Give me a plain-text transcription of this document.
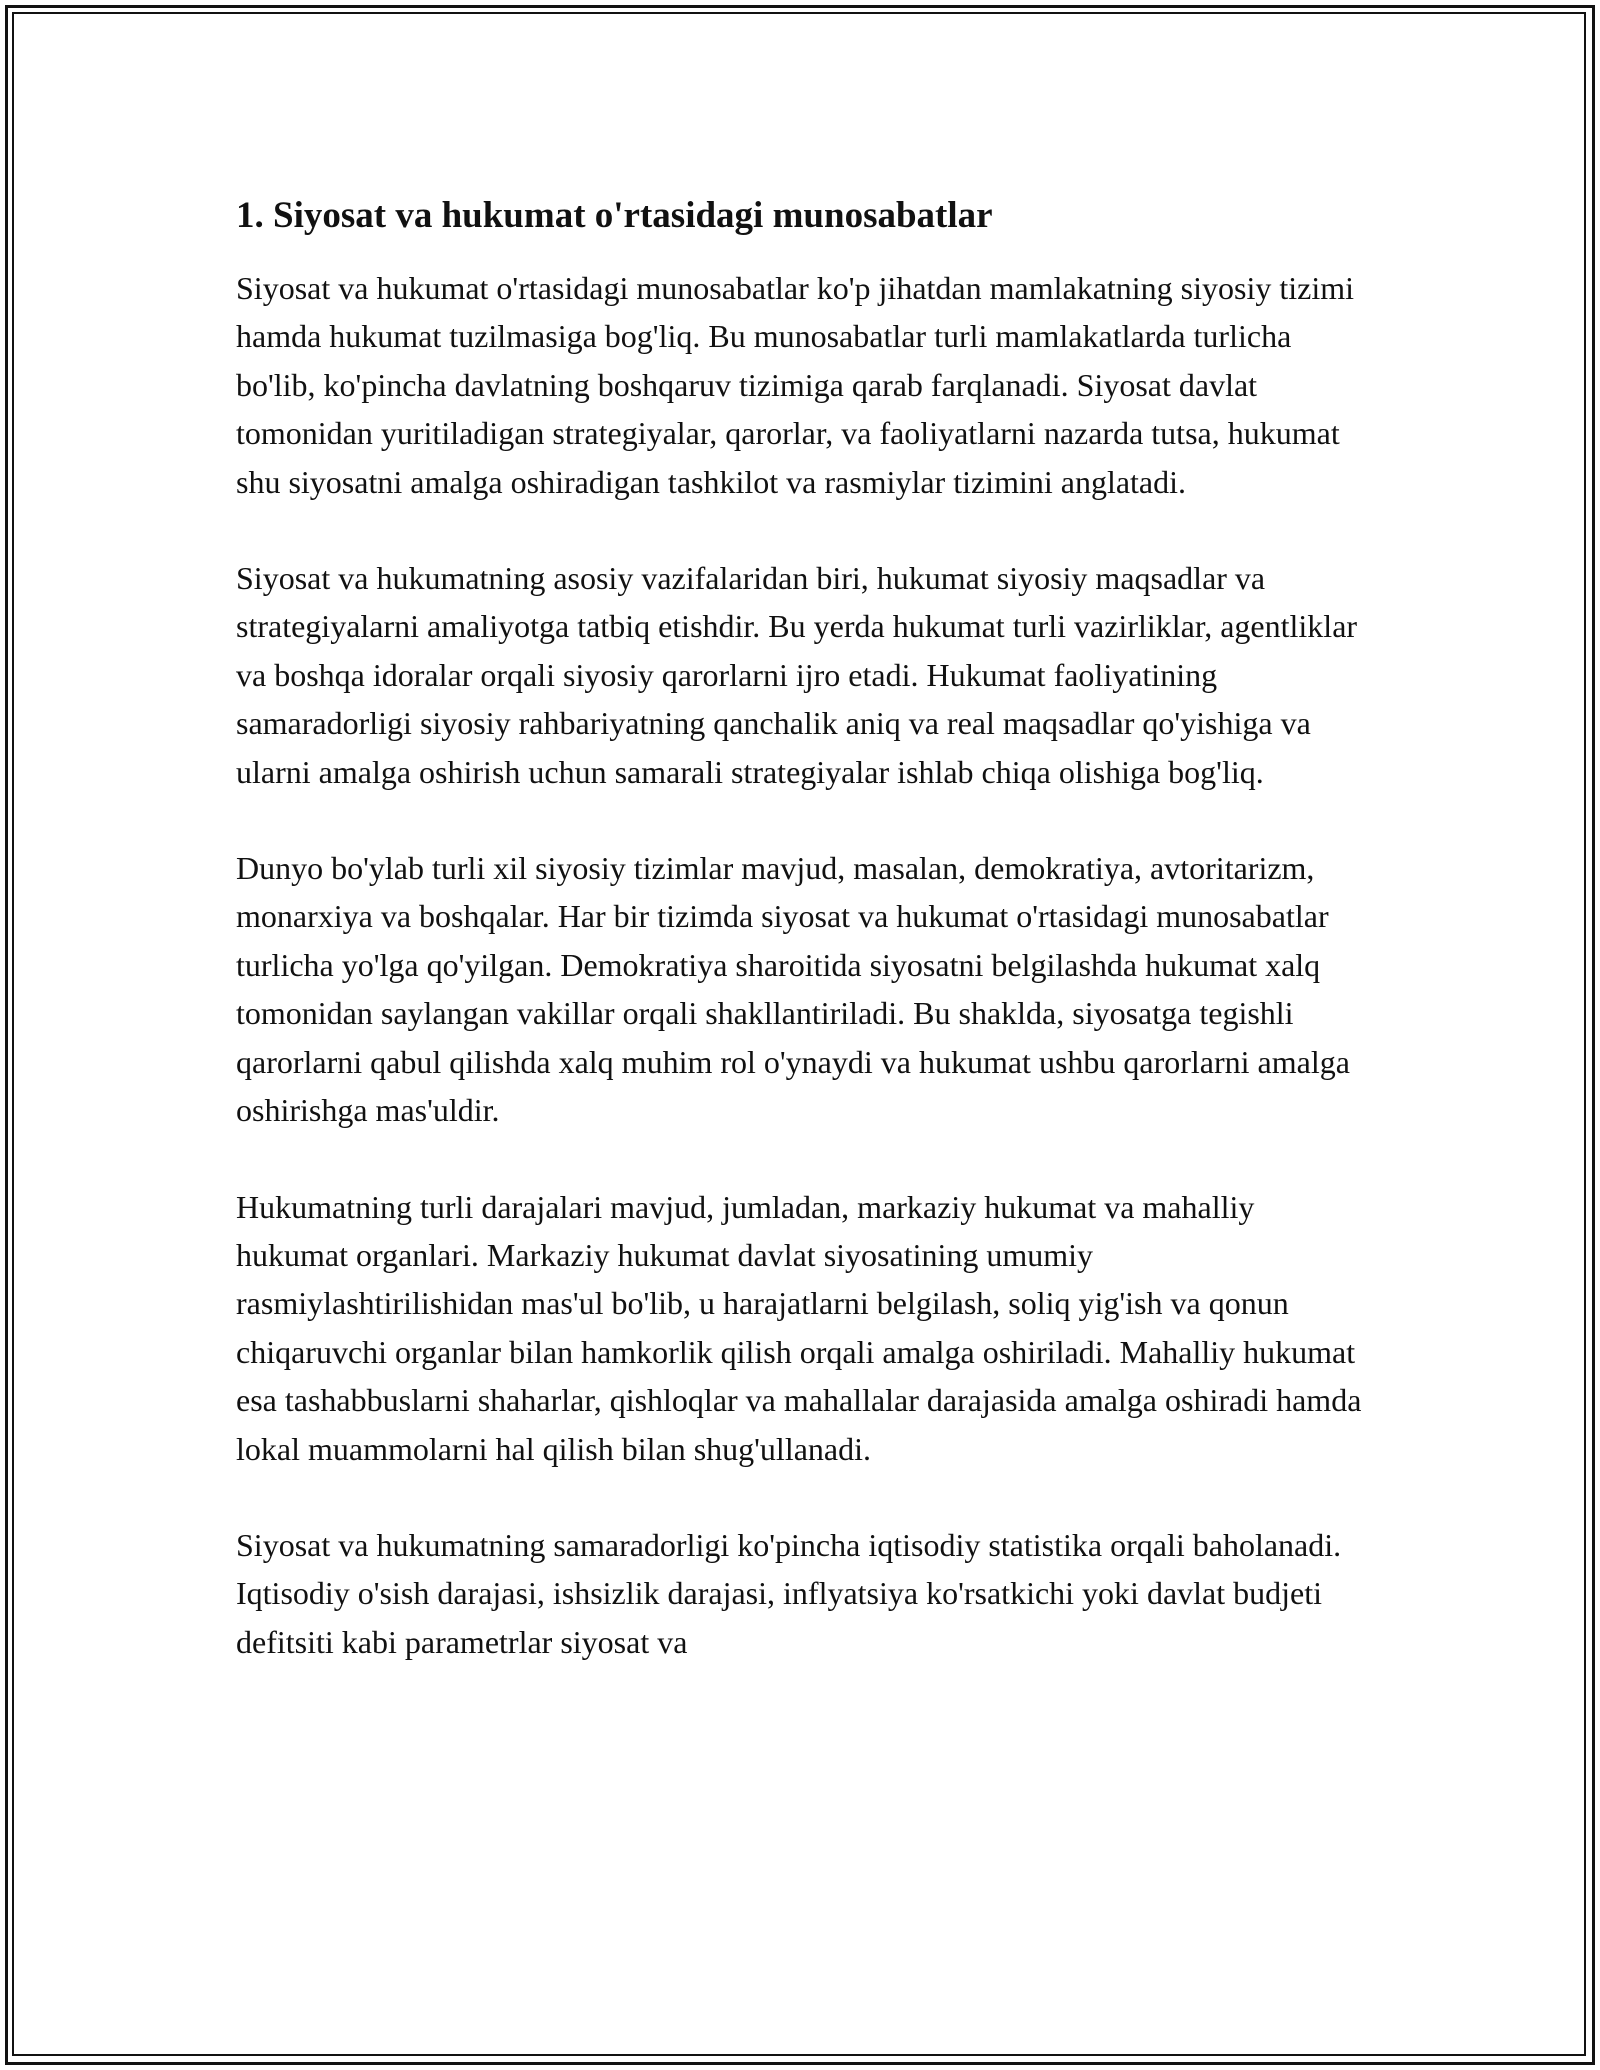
1. Siyosat va hukumat o'rtasidagi munosabatlar

Siyosat va hukumat o'rtasidagi munosabatlar ko'p jihatdan mamlakatning siyosiy tizimi hamda hukumat tuzilmasiga bog'liq. Bu munosabatlar turli mamlakatlarda turlicha bo'lib, ko'pincha davlatning boshqaruv tizimiga qarab farqlanadi. Siyosat davlat tomonidan yuritiladigan strategiyalar, qarorlar, va faoliyatlarni nazarda tutsa, hukumat shu siyosatni amalga oshiradigan tashkilot va rasmiylar tizimini anglatadi.

Siyosat va hukumatning asosiy vazifalaridan biri, hukumat siyosiy maqsadlar va strategiyalarni amaliyotga tatbiq etishdir. Bu yerda hukumat turli vazirliklar, agentliklar va boshqa idoralar orqali siyosiy qarorlarni ijro etadi. Hukumat faoliyatining samaradorligi siyosiy rahbariyatning qanchalik aniq va real maqsadlar qo'yishiga va ularni amalga oshirish uchun samarali strategiyalar ishlab chiqa olishiga bog'liq.

Dunyo bo'ylab turli xil siyosiy tizimlar mavjud, masalan, demokratiya, avtoritarizm, monarxiya va boshqalar. Har bir tizimda siyosat va hukumat o'rtasidagi munosabatlar turlicha yo'lga qo'yilgan. Demokratiya sharoitida siyosatni belgilashda hukumat xalq tomonidan saylangan vakillar orqali shakllantiriladi. Bu shaklda, siyosatga tegishli qarorlarni qabul qilishda xalq muhim rol o'ynaydi va hukumat ushbu qarorlarni amalga oshirishga mas'uldir.

Hukumatning turli darajalari mavjud, jumladan, markaziy hukumat va mahalliy hukumat organlari. Markaziy hukumat davlat siyosatining umumiy rasmiylashtirilishidan mas'ul bo'lib, u harajatlarni belgilash, soliq yig'ish va qonun chiqaruvchi organlar bilan hamkorlik qilish orqali amalga oshiriladi. Mahalliy hukumat esa tashabbuslarni shaharlar, qishloqlar va mahallalar darajasida amalga oshiradi hamda lokal muammolarni hal qilish bilan shug'ullanadi.

Siyosat va hukumatning samaradorligi ko'pincha iqtisodiy statistika orqali baholanadi. Iqtisodiy o'sish darajasi, ishsizlik darajasi, inflyatsiya ko'rsatkichi yoki davlat budjeti defitsiti kabi parametrlar siyosat va
